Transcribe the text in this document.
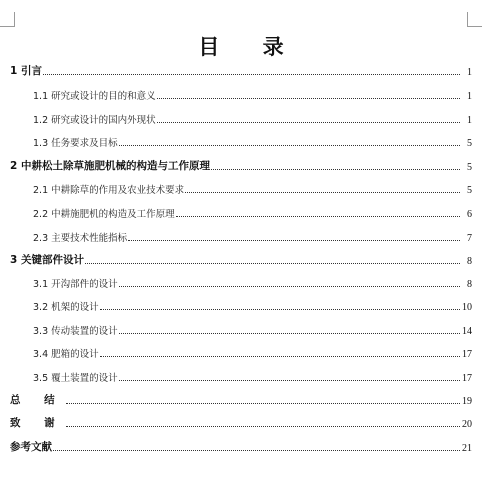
目 录
1 引言	1
1.1 研究或设计的目的和意义	1
1.2 研究或设计的国内外现状	1
1.3 任务要求及目标	5
2 中耕松土除草施肥机械的构造与工作原理	5
2.1 中耕除草的作用及农业技术要求	5
2.2 中耕施肥机的构造及工作原理	6
2.3 主要技术性能指标	7
3 关键部件设计	8
3.1 开沟部件的设计	8
3.2 机架的设计	10
3.3 传动装置的设计	14
3.4 肥箱的设计	17
3.5 覆土装置的设计	17
总 结	19
致 谢	20
参考文献	21
